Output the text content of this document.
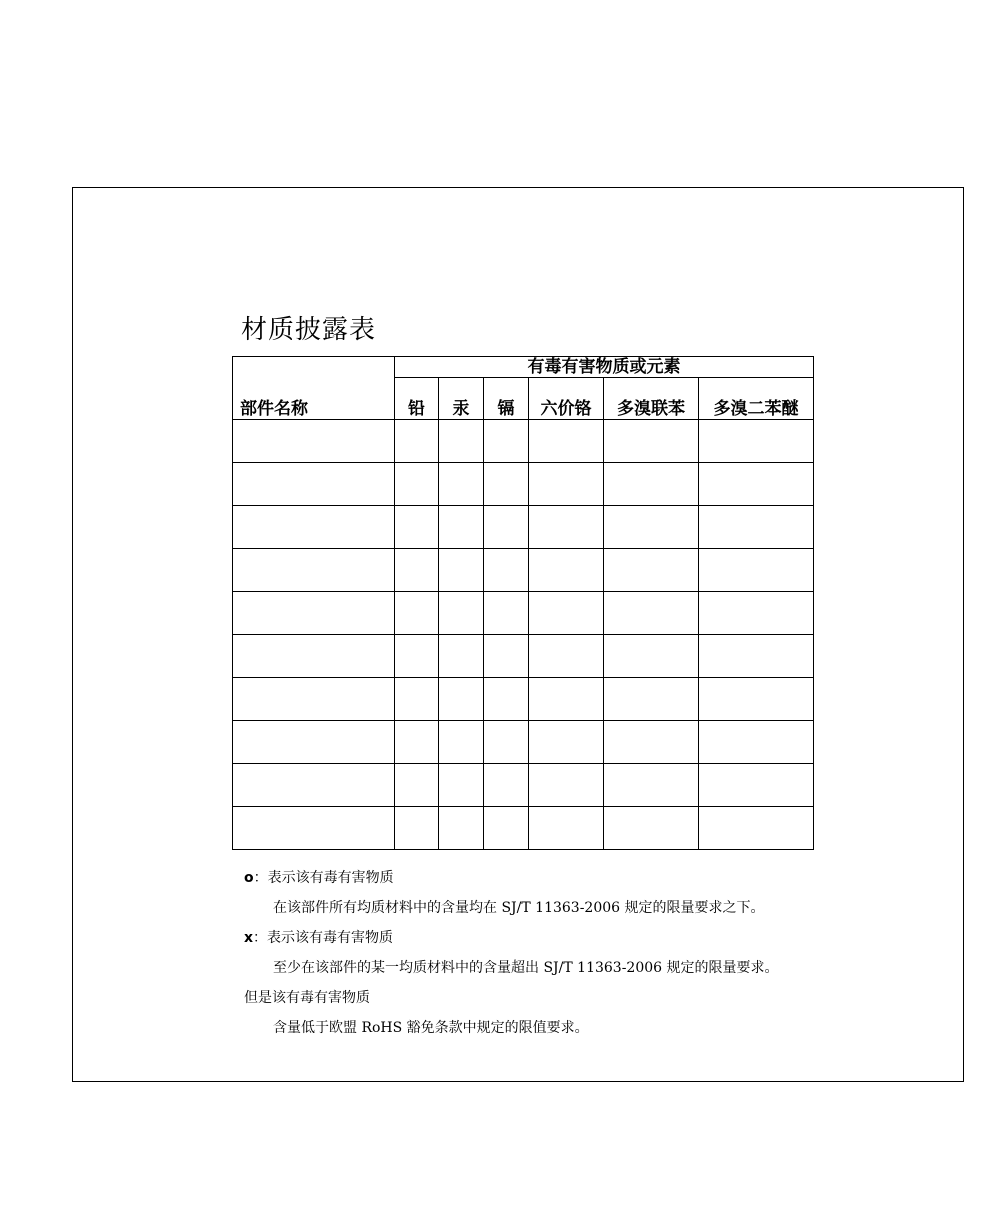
材质披露表
部件名称	有毒有害物质或元素					
	铅	汞	镉	六价铬	多溴联苯	多溴二苯醚

o：表示该有毒有害物质
在该部件所有均质材料中的含量均在 SJ/T 11363-2006 规定的限量要求之下。
x：表示该有毒有害物质
至少在该部件的某一均质材料中的含量超出 SJ/T 11363-2006 规定的限量要求。
但是该有毒有害物质
含量低于欧盟 RoHS 豁免条款中规定的限值要求。
